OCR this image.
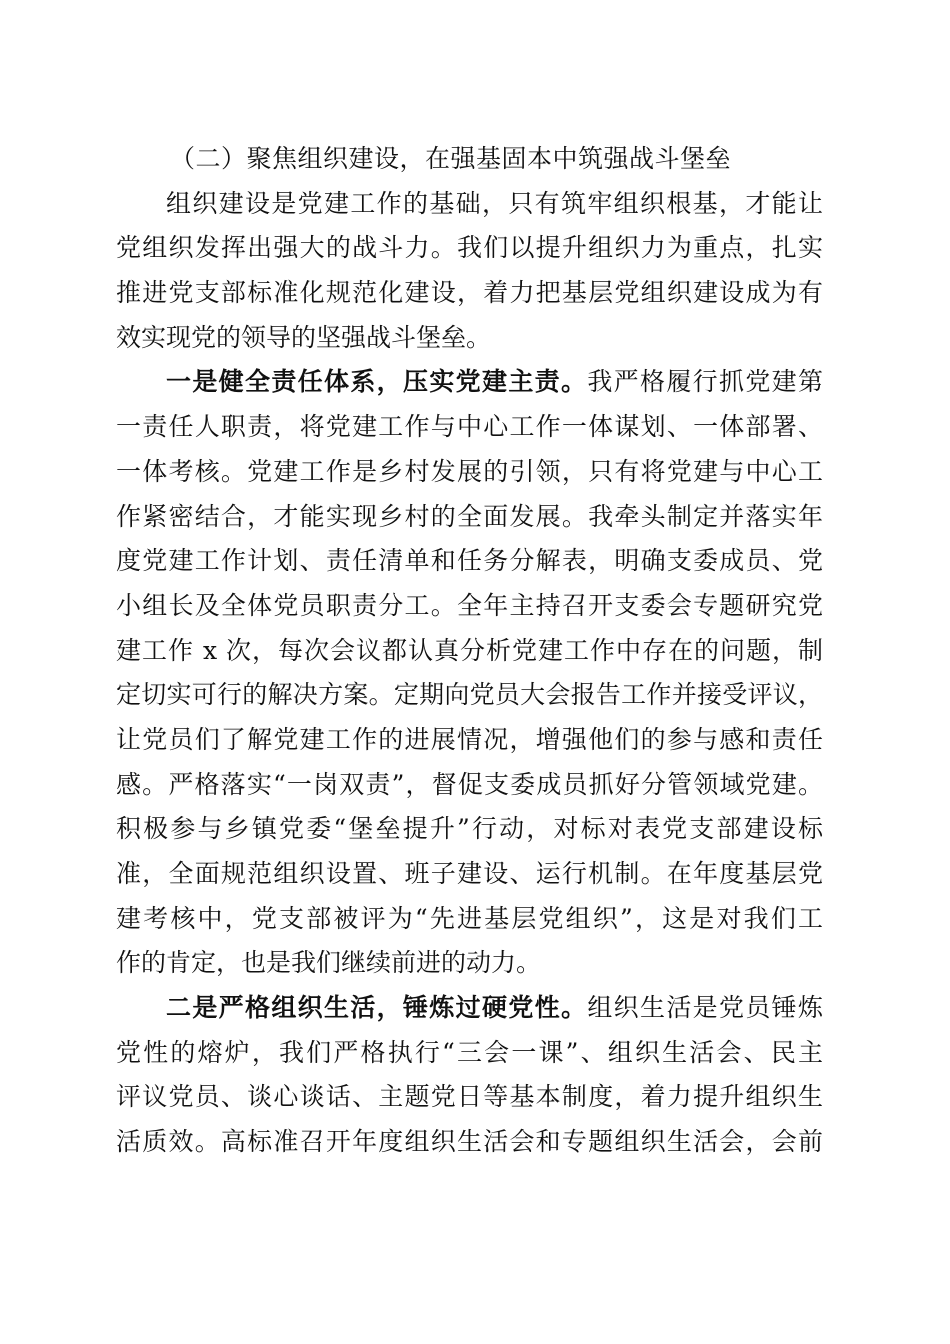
（二）聚焦组织建设，在强基固本中筑强战斗堡垒
组织建设是党建工作的基础，只有筑牢组织根基，才能让
党组织发挥出强大的战斗力。我们以提升组织力为重点，扎实
推进党支部标准化规范化建设，着力把基层党组织建设成为有
效实现党的领导的坚强战斗堡垒。
一是健全责任体系，压实党建主责。我严格履行抓党建第
一责任人职责，将党建工作与中心工作一体谋划、一体部署、
一体考核。党建工作是乡村发展的引领，只有将党建与中心工
作紧密结合，才能实现乡村的全面发展。我牵头制定并落实年
度党建工作计划、责任清单和任务分解表，明确支委成员、党
小组长及全体党员职责分工。全年主持召开支委会专题研究党
建工作 x 次，每次会议都认真分析党建工作中存在的问题，制
定切实可行的解决方案。定期向党员大会报告工作并接受评议，
让党员们了解党建工作的进展情况，增强他们的参与感和责任
感。严格落实“一岗双责”，督促支委成员抓好分管领域党建。
积极参与乡镇党委“堡垒提升”行动，对标对表党支部建设标
准，全面规范组织设置、班子建设、运行机制。在年度基层党
建考核中，党支部被评为“先进基层党组织”，这是对我们工
作的肯定，也是我们继续前进的动力。
二是严格组织生活，锤炼过硬党性。组织生活是党员锤炼
党性的熔炉，我们严格执行“三会一课”、组织生活会、民主
评议党员、谈心谈话、主题党日等基本制度，着力提升组织生
活质效。高标准召开年度组织生活会和专题组织生活会，会前
